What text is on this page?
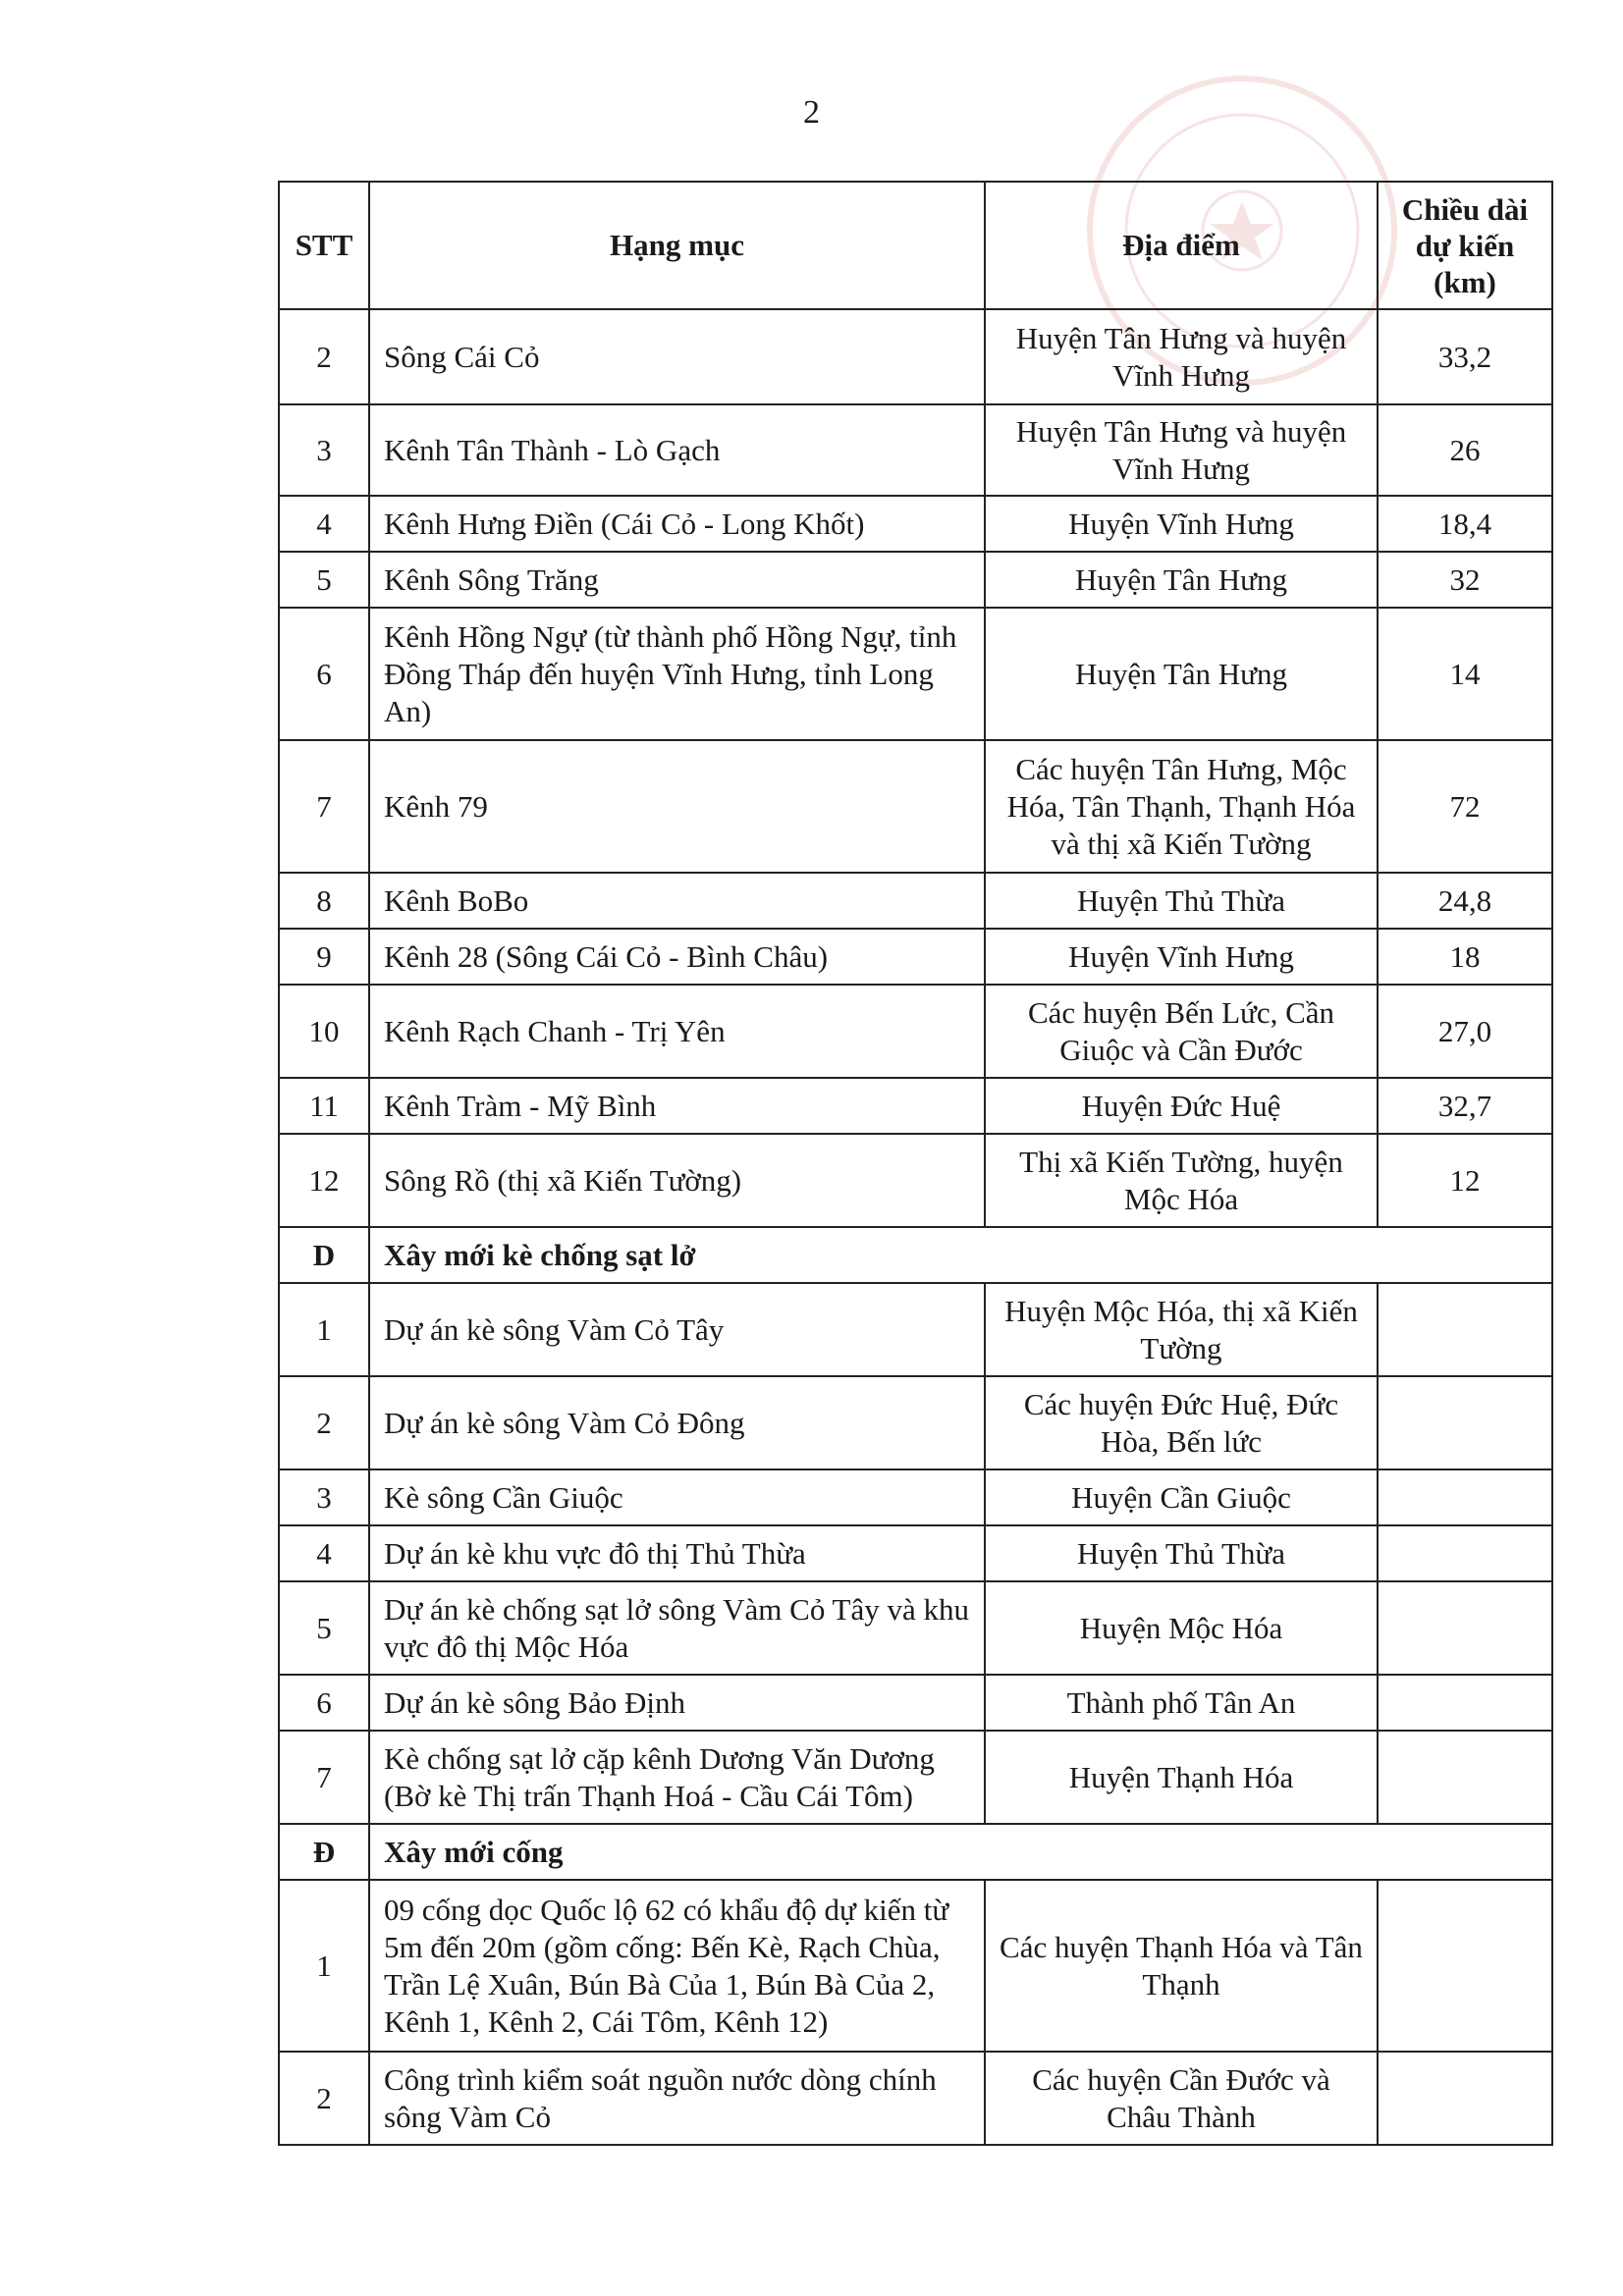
2
STT	Hạng mục	Địa điểm	Chiều dài
dự kiến
(km)
2	Sông Cái Cỏ	Huyện Tân Hưng và huyện Vĩnh Hưng	33,2
3	Kênh Tân Thành - Lò Gạch	Huyện Tân Hưng và huyện Vĩnh Hưng	26
4	Kênh Hưng Điền (Cái Cỏ - Long Khốt)	Huyện Vĩnh Hưng	18,4
5	Kênh Sông Trăng	Huyện Tân Hưng	32
6	Kênh Hồng Ngự (từ thành phố Hồng Ngự, tỉnh Đồng Tháp đến huyện Vĩnh Hưng, tỉnh Long An)	Huyện Tân Hưng	14
7	Kênh 79	Các huyện Tân Hưng, Mộc Hóa, Tân Thạnh, Thạnh Hóa và thị xã Kiến Tường	72
8	Kênh BoBo	Huyện Thủ Thừa	24,8
9	Kênh 28 (Sông Cái Cỏ - Bình Châu)	Huyện Vĩnh Hưng	18
10	Kênh Rạch Chanh - Trị Yên	Các huyện Bến Lức, Cần Giuộc và Cần Đước	27,0
11	Kênh Tràm - Mỹ Bình	Huyện Đức Huệ	32,7
12	Sông Rồ (thị xã Kiến Tường)	Thị xã Kiến Tường, huyện Mộc Hóa	12
D	Xây mới kè chống sạt lở		
1	Dự án kè sông Vàm Cỏ Tây	Huyện Mộc Hóa, thị xã Kiến Tường	
2	Dự án kè sông Vàm Cỏ Đông	Các huyện Đức Huệ, Đức Hòa, Bến lức	
3	Kè sông Cần Giuộc	Huyện Cần Giuộc	
4	Dự án kè khu vực đô thị Thủ Thừa	Huyện Thủ Thừa	
5	Dự án kè chống sạt lở sông Vàm Cỏ Tây và khu vực đô thị Mộc Hóa	Huyện Mộc Hóa	
6	Dự án kè sông Bảo Định	Thành phố Tân An	
7	Kè chống sạt lở cặp kênh Dương Văn Dương (Bờ kè Thị trấn Thạnh Hoá - Cầu Cái Tôm)	Huyện Thạnh Hóa	
Đ	Xây mới cống		
1	09 cống dọc Quốc lộ 62 có khẩu độ dự kiến từ 5m đến 20m (gồm cống: Bến Kè, Rạch Chùa, Trần Lệ Xuân, Bún Bà Của 1, Bún Bà Của 2, Kênh 1, Kênh 2, Cái Tôm, Kênh 12)	Các huyện Thạnh Hóa và Tân Thạnh	
2	Công trình kiểm soát nguồn nước dòng chính sông Vàm Cỏ	Các huyện Cần Đước và Châu Thành	
